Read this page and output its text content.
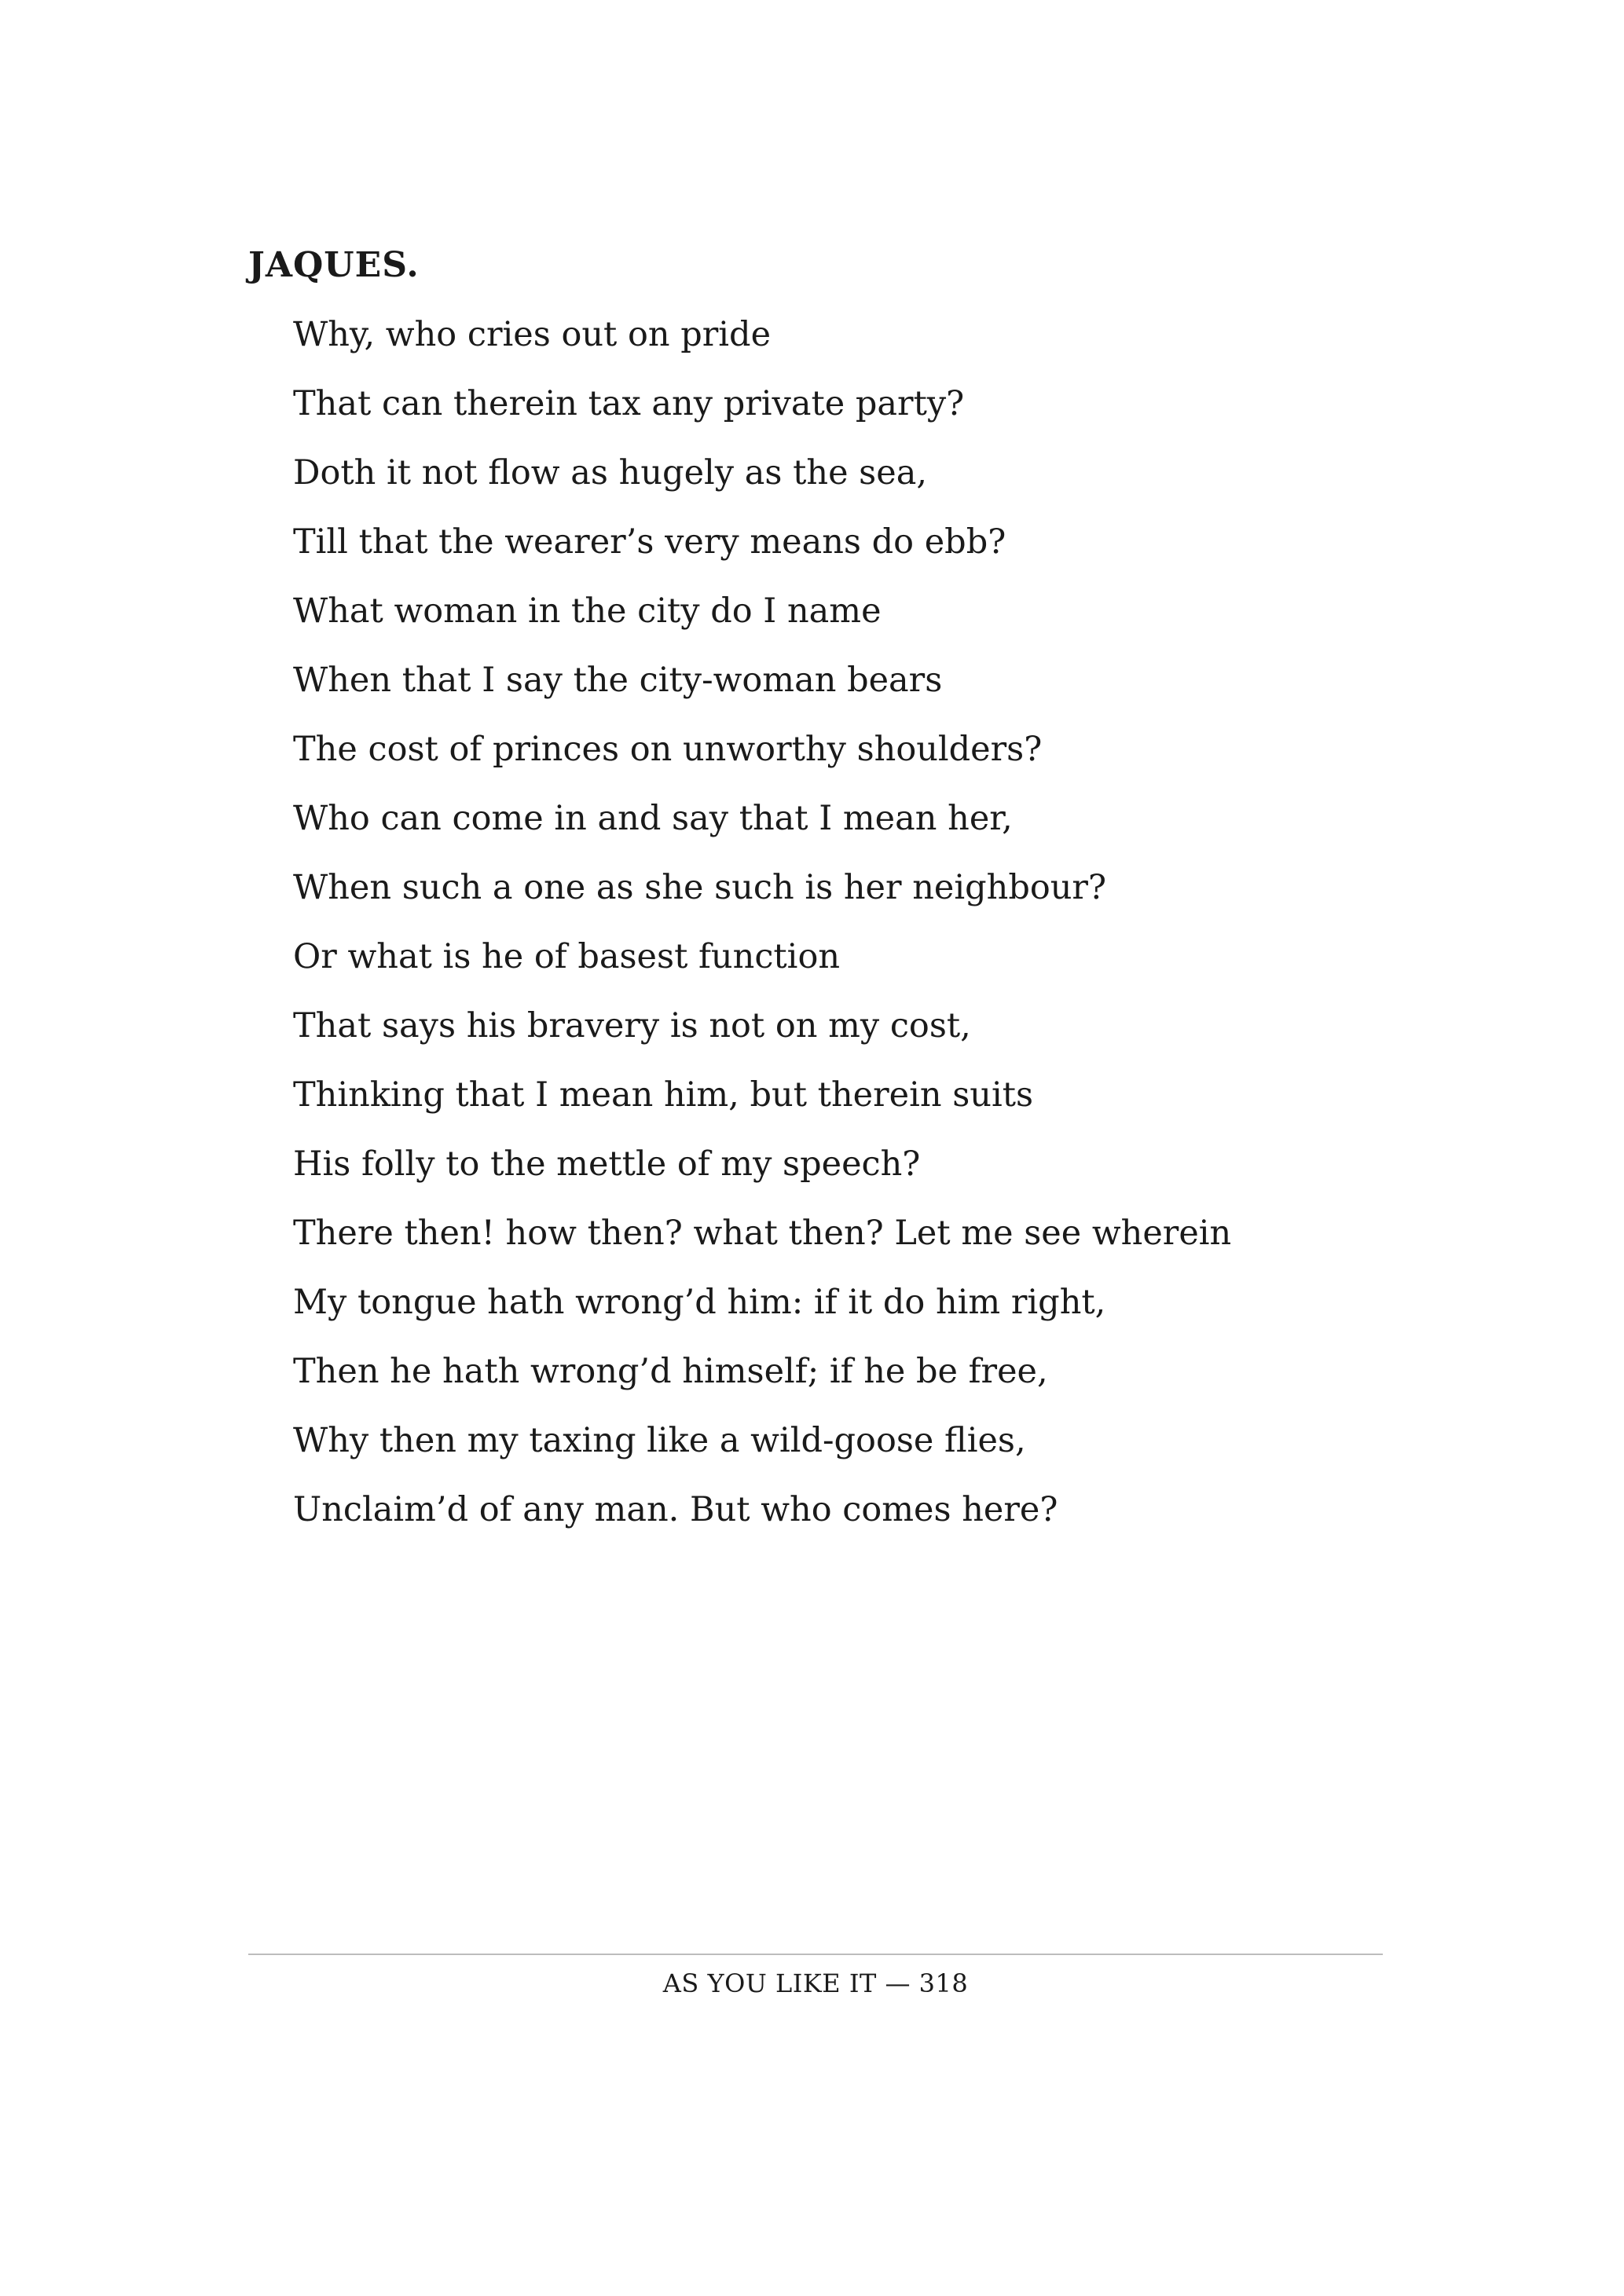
JAQUES.
Why, who cries out on pride
That can therein tax any private party?
Doth it not flow as hugely as the sea,
Till that the wearer’s very means do ebb?
What woman in the city do I name
When that I say the city-woman bears
The cost of princes on unworthy shoulders?
Who can come in and say that I mean her,
When such a one as she such is her neighbour?
Or what is he of basest function
That says his bravery is not on my cost,
Thinking that I mean him, but therein suits
His folly to the mettle of my speech?
There then! how then? what then? Let me see wherein
My tongue hath wrong’d him: if it do him right,
Then he hath wrong’d himself; if he be free,
Why then my taxing like a wild-goose flies,
Unclaim’d of any man. But who comes here?

AS YOU LIKE IT — 318
